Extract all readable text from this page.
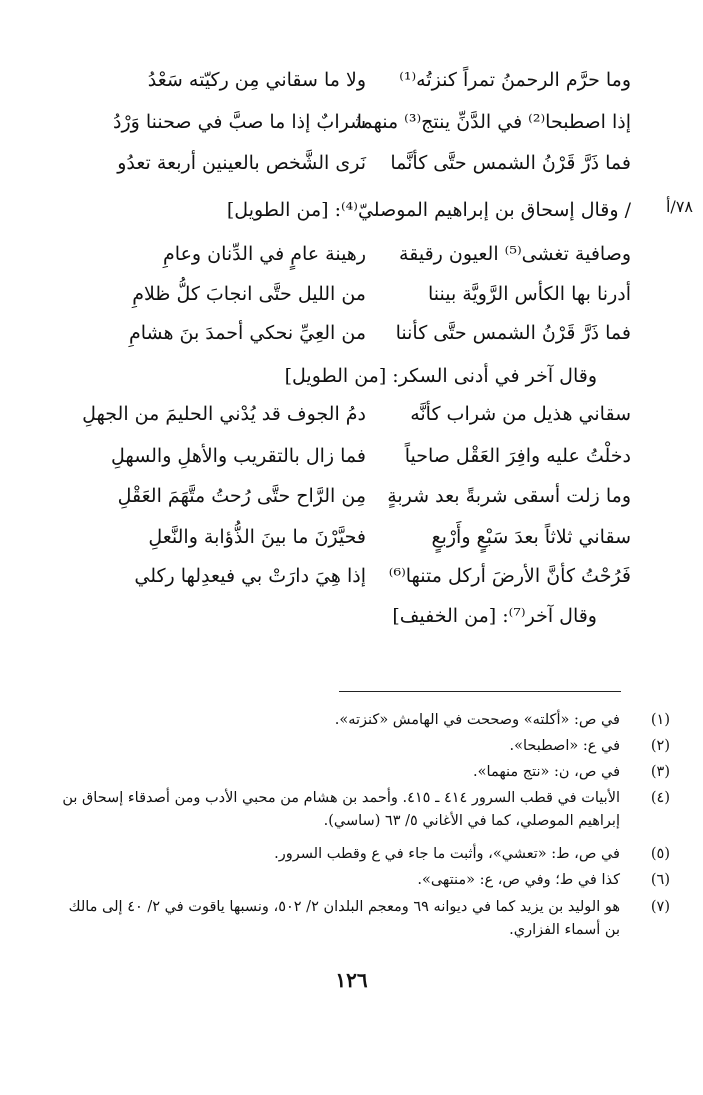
وما حرَّم الرحمنُ تمراً كنزتُه⁽¹⁾
ولا ما سقاني مِن ركيّته سَعْدُ
إذا اصطبحا⁽²⁾ في الدَّنِّ ينتج⁽³⁾ منهما
شرابٌ إذا ما صبَّ في صحننا وَرْدُ
فما ذَرَّ قَرْنُ الشمس حتَّى كأنَّما
نَرى الشَّخص بالعينين أربعة تعدُو
٧٨/أ
/ وقال إسحاق بن إبراهيم الموصليّ⁽⁴⁾: [من الطويل]
وصافية تغشى⁽⁵⁾ العيون رقيقة
رهينة عامٍ في الدِّنان وعامِ
أدرنا بها الكأس الرَّويَّة بيننا
من الليل حتَّى انجابَ كلُّ ظلامِ
فما ذَرَّ قَرْنُ الشمس حتَّى كأننا
من العِيِّ نحكي أحمدَ بنَ هشامِ
وقال آخر في أدنى السكر: [من الطويل]
سقاني هذيل من شراب كأنَّه
دمُ الجوف قد يُدْني الحليمَ من الجهلِ
دخلْتُ عليه وافِرَ العَقْل صاحياً
فما زال بالتقريب والأهلِ والسهلِ
وما زلت أسقى شربةً بعد شربةٍ
مِن الرَّاح حتَّى رُحتُ متَّهَمَ العَقْلِ
سقاني ثلاثاً بعدَ سَبْعٍ وأَرْبعٍ
فحيَّرْنَ ما بينَ الذُّؤابة والنَّعلِ
فَرُحْتُ كأنَّ الأرضَ أركل متنها⁽⁶⁾
إذا هِيَ دارَتْ بي فيعدِلها ركلي
وقال آخر⁽⁷⁾: [من الخفيف]
(١)
في ص: «أكلته» وصححت في الهامش «كنزته».
(٢)
في ع: «اصطبحا».
(٣)
في ص، ن: «نتج منهما».
(٤)
الأبيات في قطب السرور ٤١٤ ـ ٤١٥. وأحمد بن هشام من محبي الأدب ومن أصدقاء إسحاق بن إبراهيم الموصلي، كما في الأغاني ٥/ ٦٣ (ساسي).
(٥)
في ص، ط: «تعشي»، وأثبت ما جاء في ع وقطب السرور.
(٦)
كذا في ط؛ وفي ص، ع: «منتهى».
(٧)
هو الوليد بن يزيد كما في ديوانه ٦٩ ومعجم البلدان ٢/ ٥٠٢، ونسبها ياقوت في ٢/ ٤٠ إلى مالك بن أسماء الفزاري.
١٢٦
